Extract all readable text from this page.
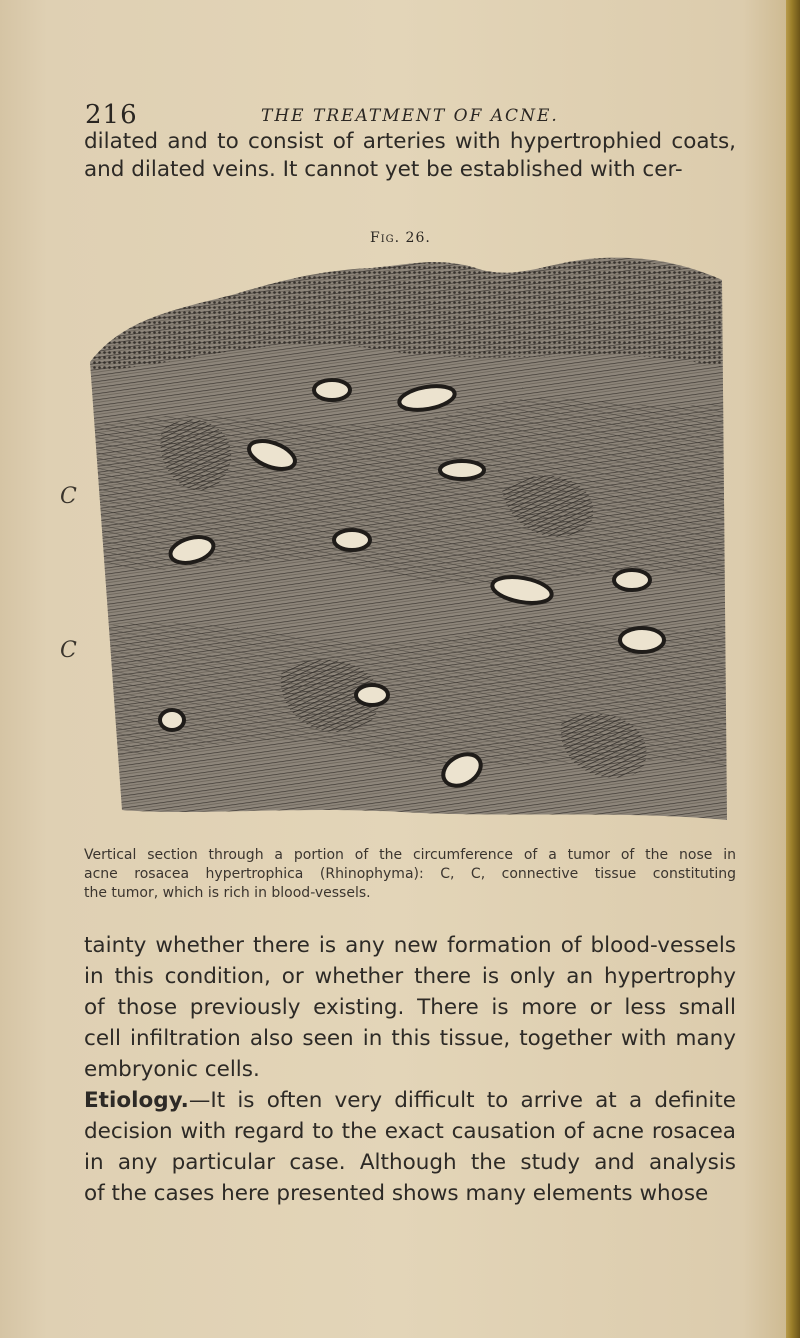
216	THE TREATMENT OF ACNE.
dilated and to consist of arteries with hypertrophied coats,
and dilated veins. It cannot yet be established with cer-
Fig. 26.
C
C
Vertical section through a portion of the circumference of a tumor of the nose in
acne rosacea hypertrophica (Rhinophyma): C, C, connective tissue constituting
the tumor, which is rich in blood-vessels.
tainty whether there is any new formation of blood-vessels
in this condition, or whether there is only an hypertrophy
of those previously existing. There is more or less small
cell infiltration also seen in this tissue, together with many
embryonic cells.
Etiology.—It is often very difficult to arrive at a definite
decision with regard to the exact causation of acne rosacea
in any particular case. Although the study and analysis
of the cases here presented shows many elements whose
